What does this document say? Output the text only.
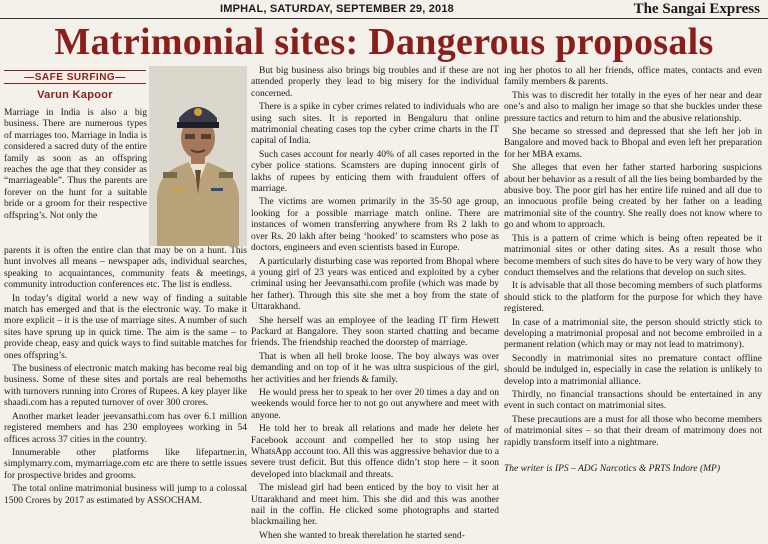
IMPHAL, SATURDAY, SEPTEMBER 29, 2018	The Sangai Express
Matrimonial sites: Dangerous proposals
—SAFE SURFING—
Varun Kapoor

Marriage in India is also a big business. There are numerous types of marriages too. Marriage in India is considered a sacred duty of the entire family as soon as an offspring reaches the age that they consider as “marriageable”. Thus the parents are forever on the hunt for a suitable bride or a groom for their respective offspring’s. Not only the

parents it is often the entire clan that may be on a hunt. This hunt involves all means – newspaper ads, individual searches, speaking to acquaintances, community feats & meetings, community introduction conferences etc. The list is endless.

In today’s digital world a new way of finding a suitable match has emerged and that is the electronic way. To make it more explicit – it is the use of marriage sites. A number of such sites have sprung up in quick time. The aim is the same – to provide cheap, easy and quick ways to find suitable matches for ones offspring’s.

The business of electronic match making has become real big business. Some of these sites and portals are real behemoths with turnovers running into Crores of Rupees. A key player like shaadi.com has a reputed turnover of over 300 crores.

Another market leader jeevansathi.com has over 6.1 million registered members and has 230 employees working in 54 offices across 37 cities in the country.

Innumerable other platforms like lifepartner.in, simplymarry.com, mymarriage.com etc are there to settle issues for prospective brides and grooms.

The total online matrimonial business will jump to a colossal 1500 Crores by 2017 as estimated by ASSOCHAM.

But big business also brings big troubles and if these are not attended properly they lead to big misery for the individual concerned.

There is a spike in cyber crimes related to individuals who are using such sites. It is reported in Bengaluru that online matrimonial cheating cases top the cyber crime charts in the IT capital of India.

Such cases account for nearly 40% of all cases reported in the cyber police stations. Scamsters are duping innocent girls of lakhs of rupees by enticing them with fraudulent offers of marriage.

The victims are women primarily in the 35-50 age group, looking for a possible marriage match online. There are instances of women transferring anywhere from Rs 2 lakh to over Rs. 20 lakh after being ‘hooked’ to scamsters who pose as doctors, engineers and even scientists based in Europe.

A particularly disturbing case was reported from Bhopal where a young girl of 23 years was enticed and exploited by a cyber criminal using her Jeevansathi.com profile (which was made by her father). Through this site she met a boy from the state of Uttarakhand.

She herself was an employee of the leading IT firm Hewett Packard at Bangalore. They soon started chatting and became friends. The friendship reached the doorstep of marriage.

That is when all hell broke loose. The boy always was over demanding and on top of it he was ultra suspicious of the girl, her activities and her friends & family.

He would press her to speak to her over 20 times a day and on weekends would force her to not go out anywhere and meet with anyone.

He told her to break all relations and made her delete her Facebook account and compelled her to stop using her WhatsApp account too. All this was aggressive behavior due to a severe trust deficit. But this offence didn’t stop here – it soon developed into blackmail and threats.

The mislead girl had been enticed by the boy to visit her at Uttarakhand and meet him. This she did and this was another nail in the coffin. He clicked some photographs and started blackmailing her.

When she wanted to break therelation he started send-

ing her photos to all her friends, office mates, contacts and even family members & parents.

This was to discredit her totally in the eyes of her near and dear one’s and also to malign her image so that she buckles under these pressure tactics and return to him and the abusive relationship.

She became so stressed and depressed that she left her job in Bangalore and moved back to Bhopal and even left her preparation for her MBA exams.

She alleges that even her father started harboring suspicions about her behavior as a result of all the lies being bombarded by the abusive boy. The poor girl has her entire life ruined and all due to an innocuous profile being created by her father on a leading matrimonial site of the country. She really does not know where to go and whom to approach.

This is a pattern of crime which is being often repeated be it matrimonial sites or other dating sites. As a result those who become members of such sites do have to be very wary of how they conduct themselves and the relations that develop on such sites.

It is advisable that all those becoming members of such platforms should stick to the platform for the purpose for which they have registered.

In case of a matrimonial site, the person should strictly stick to developing a matrimonial proposal and not become embroiled in a permanent relation (which may or may not lead to matrimony).

Secondly in matrimonial sites no premature contact offline should be indulged in, especially in case the relation is unlikely to develop into a matrimonial alliance.

Thirdly, no financial transactions should be entertained in any event in such contact on matrimonial sites.

These precautions are a must for all those who become members of matrimonial sites – so that their dream of matrimony does not rapidly transform itself into a nightmare.

The writer is IPS – ADG Narcotics & PRTS Indore (MP)
